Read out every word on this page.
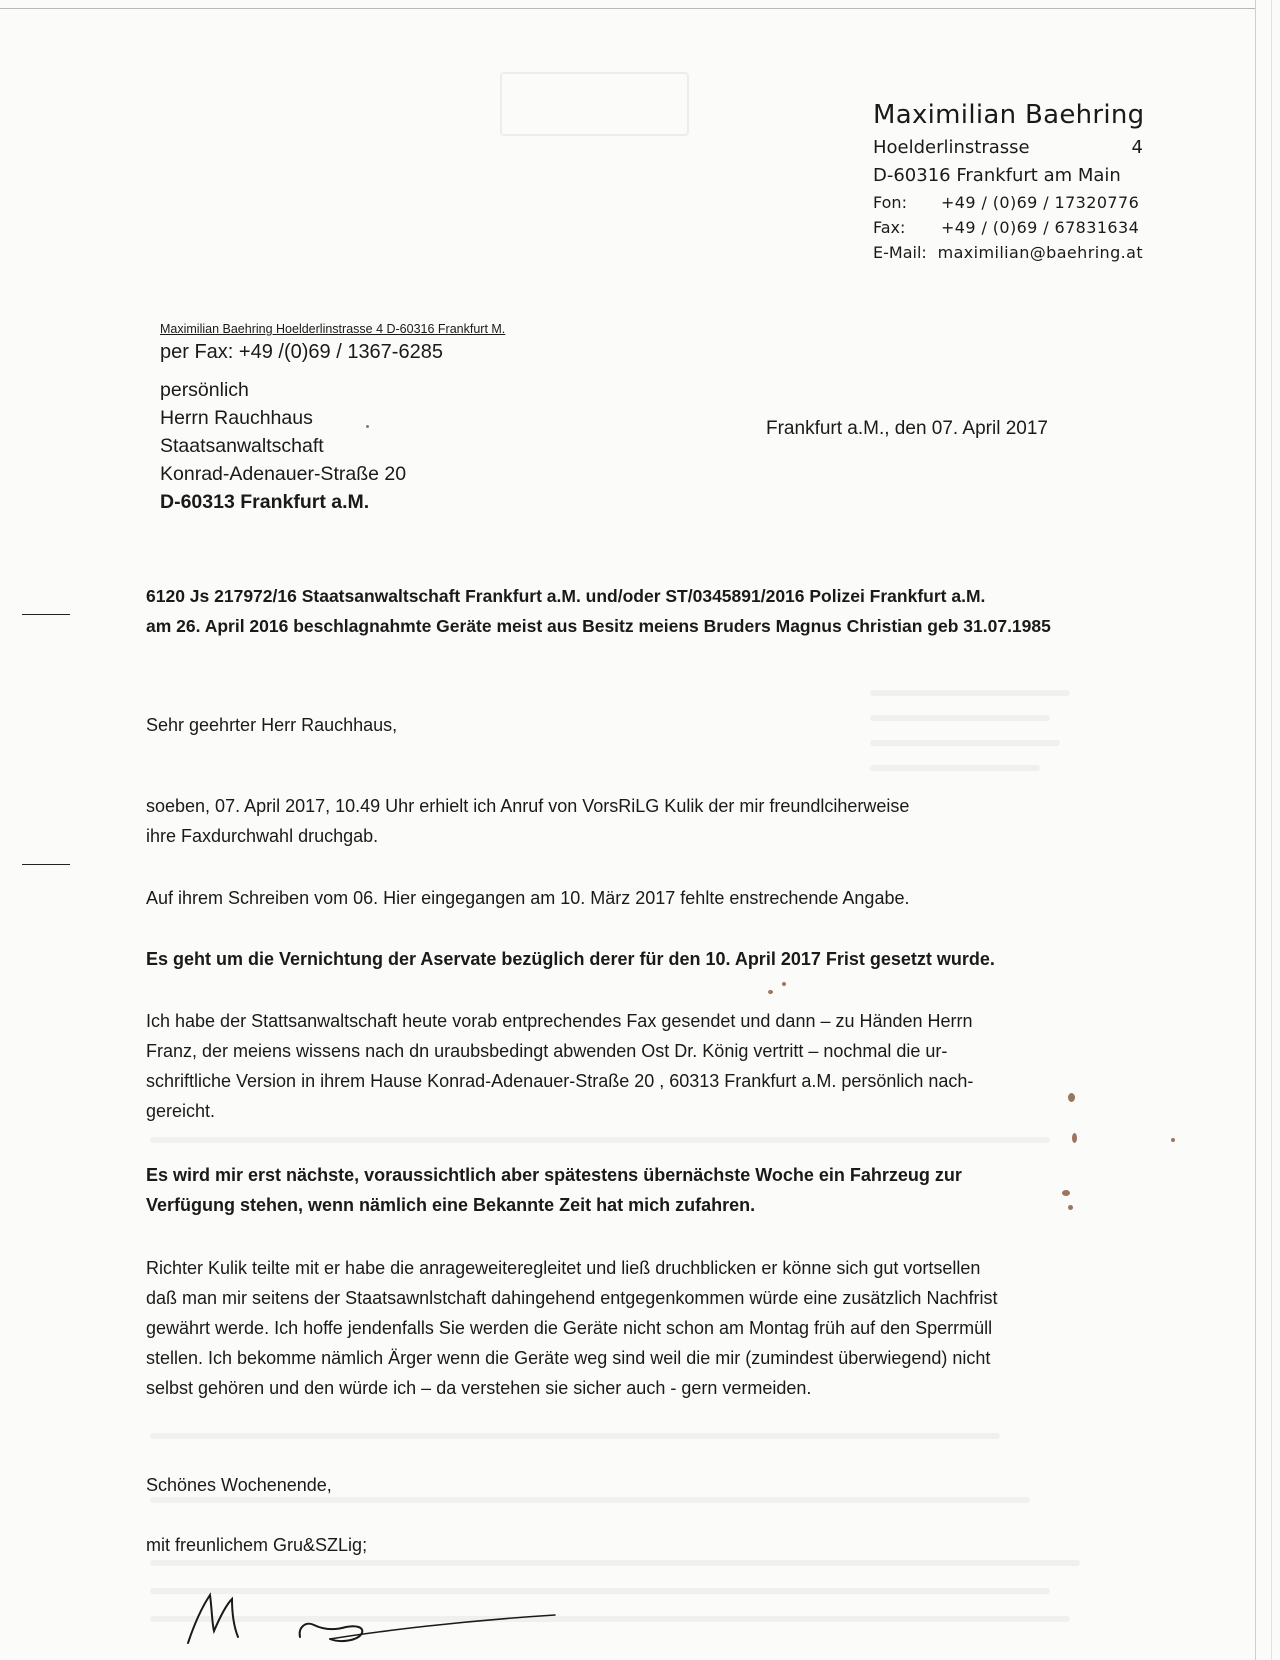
Maximilian Baehring
Hoelderlinstrasse	4
D-60316 Frankfurt am Main
Fon:	+49 / (0)69 / 17320776
Fax:	+49 / (0)69 / 67831634
E-Mail: maximilian@baehring.at
Maximilian Baehring Hoelderlinstrasse 4 D-60316 Frankfurt M.
per Fax: +49 /(0)69 / 1367-6285
persönlich
Herrn Rauchhaus
Staatsanwaltschaft
Konrad-Adenauer-Straße 20
D-60313 Frankfurt a.M.
Frankfurt a.M., den 07. April 2017
6120 Js 217972/16 Staatsanwaltschaft Frankfurt a.M. und/oder ST/0345891/2016 Polizei Frankfurt a.M.
am 26. April 2016 beschlagnahmte Geräte meist aus Besitz meiens Bruders Magnus Christian geb 31.07.1985
Sehr geehrter Herr Rauchhaus,
soeben, 07. April 2017, 10.49 Uhr erhielt ich Anruf von VorsRiLG Kulik der mir freundlciherweise
ihre Faxdurchwahl druchgab.
Auf ihrem Schreiben vom 06. Hier eingegangen am 10. März 2017 fehlte enstrechende Angabe.
Es geht um die Vernichtung der Aservate bezüglich derer für den 10. April 2017 Frist gesetzt wurde.
Ich habe der Stattsanwaltschaft heute vorab entprechendes Fax gesendet und dann – zu Händen Herrn
Franz, der meiens wissens nach dn urаubsbedingt abwenden Ost Dr. König vertritt – nochmal die ur-
schriftliche Version in ihrem Hause Konrad-Adenauer-Straße 20 , 60313 Frankfurt a.M. persönlich nach-
gereicht.
Es wird mir erst nächste, voraussichtlich aber spätestens übernächste Woche ein Fahrzeug zur
Verfügung stehen, wenn nämlich eine Bekannte Zeit hat mich zufahren.
Richter Kulik teilte mit er habe die anrageweiteregleitet und ließ druchblicken er könne sich gut vortsellen
daß man mir seitens der Staatsawnlstchaft dahingehend entgegenkommen würde eine zusätzlich Nachfrist
gewährt werde. Ich hoffe jendenfalls Sie werden die Geräte nicht schon am Montag früh auf den Sperrmüll
stellen. Ich bekomme nämlich Ärger wenn die Geräte weg sind weil die mir (zumindest überwiegend) nicht
selbst gehören und den würde ich – da verstehen sie sicher auch - gern vermeiden.
Schönes Wochenende,
mit freunlichem Gru&SZLig;
